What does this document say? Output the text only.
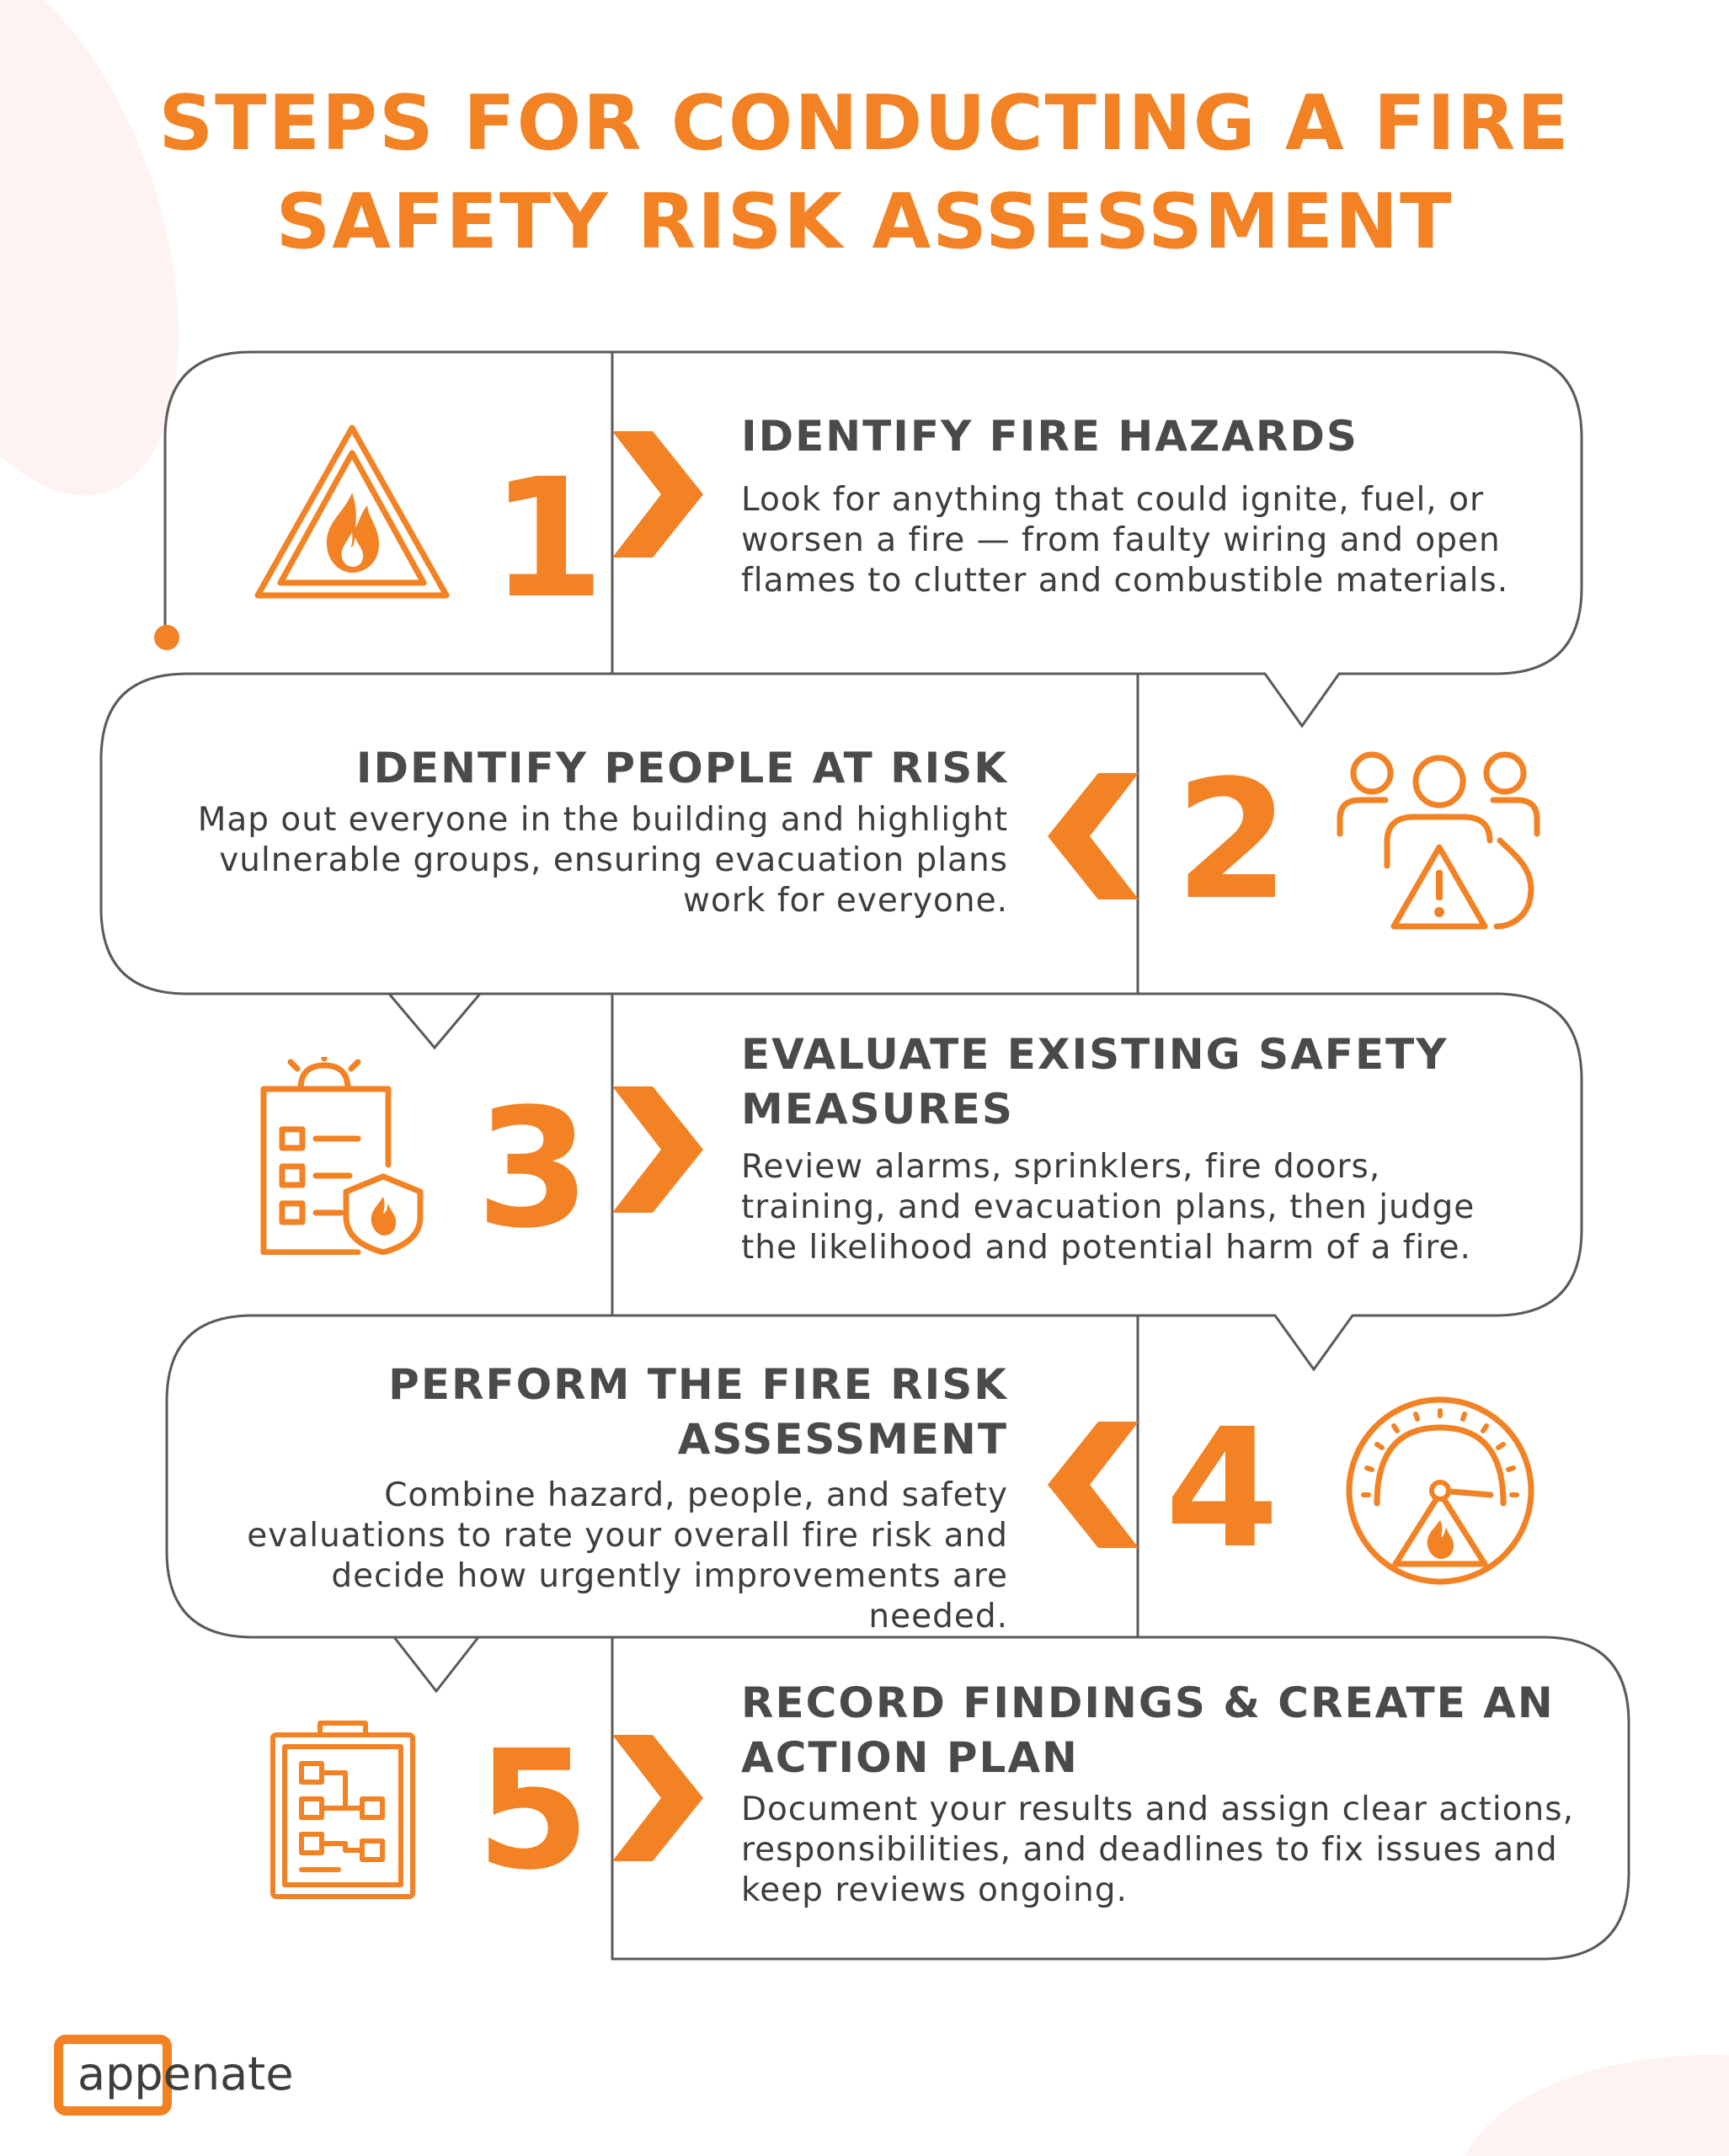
STEPS FOR CONDUCTING A FIRE SAFETY RISK ASSESSMENT
1
IDENTIFY FIRE HAZARDS
Look for anything that could ignite, fuel, or worsen a fire — from faulty wiring and open flames to clutter and combustible materials.
IDENTIFY PEOPLE AT RISK
Map out everyone in the building and highlight vulnerable groups, ensuring evacuation plans work for everyone. 2
3
EVALUATE EXISTING SAFETY MEASURES
Review alarms, sprinklers, fire doors, training, and evacuation plans, then judge the likelihood and potential harm of a fire.
PERFORM THE FIRE RISK ASSESSMENT
Combine hazard, people, and safety evaluations to rate your overall fire risk and decide how urgently improvements are needed.
4
5
RECORD FINDINGS & CREATE AN ACTION PLAN
Document your results and assign clear actions, responsibilities, and deadlines to fix issues and keep reviews ongoing.
appenate
